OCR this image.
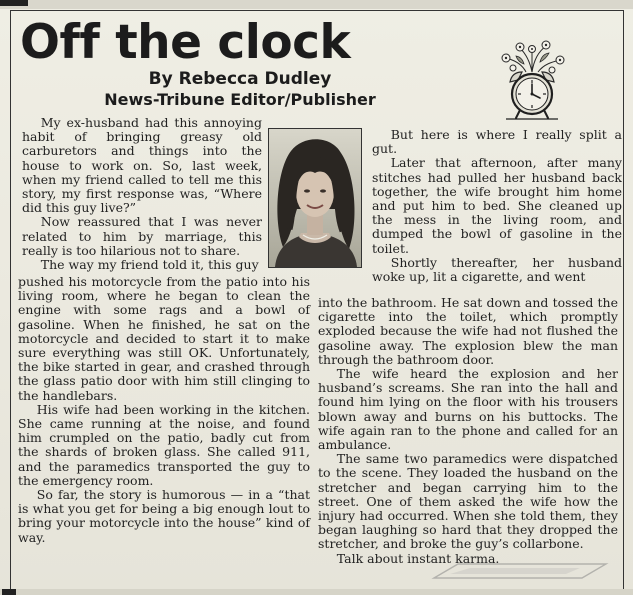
Off the clock
By Rebecca Dudley
News-Tribune Editor/Publisher

My ex-husband had this annoying habit of bringing greasy old carburetors and things into the house to work on. So, last week, when my friend called to tell me this story, my first response was, “Where did this guy live?”

Now reassured that I was never related to him by marriage, this really is too hilarious not to share.

The way my friend told it, this guy

pushed his motorcycle from the patio into his living room, where he began to clean the engine with some rags and a bowl of gasoline. When he finished, he sat on the motorcycle and decided to start it to make sure everything was still OK. Unfortunately, the bike started in gear, and crashed through the glass patio door with him still clinging to the handlebars.

His wife had been working in the kitchen. She came running at the noise, and found him crumpled on the patio, badly cut from the shards of broken glass. She called 911, and the paramedics transported the guy to the emergency room.

So far, the story is humorous — in a “that is what you get for being a big enough lout to bring your motorcycle into the house” kind of way.

But here is where I really split a gut.

Later that afternoon, after many stitches had pulled her husband back together, the wife brought him home and put him to bed. She cleaned up the mess in the living room, and dumped the bowl of gasoline in the toilet.

Shortly thereafter, her husband woke up, lit a cigarette, and went

into the bathroom. He sat down and tossed the cigarette into the toilet, which promptly exploded because the wife had not flushed the gasoline away. The explosion blew the man through the bathroom door.

The wife heard the explosion and her husband’s screams. She ran into the hall and found him lying on the floor with his trousers blown away and burns on his buttocks. The wife again ran to the phone and called for an ambulance.

The same two paramedics were dispatched to the scene. They loaded the husband on the stretcher and began carrying him to the street. One of them asked the wife how the injury had occurred. When she told them, they began laughing so hard that they dropped the stretcher, and broke the guy’s collarbone.

Talk about instant karma.
